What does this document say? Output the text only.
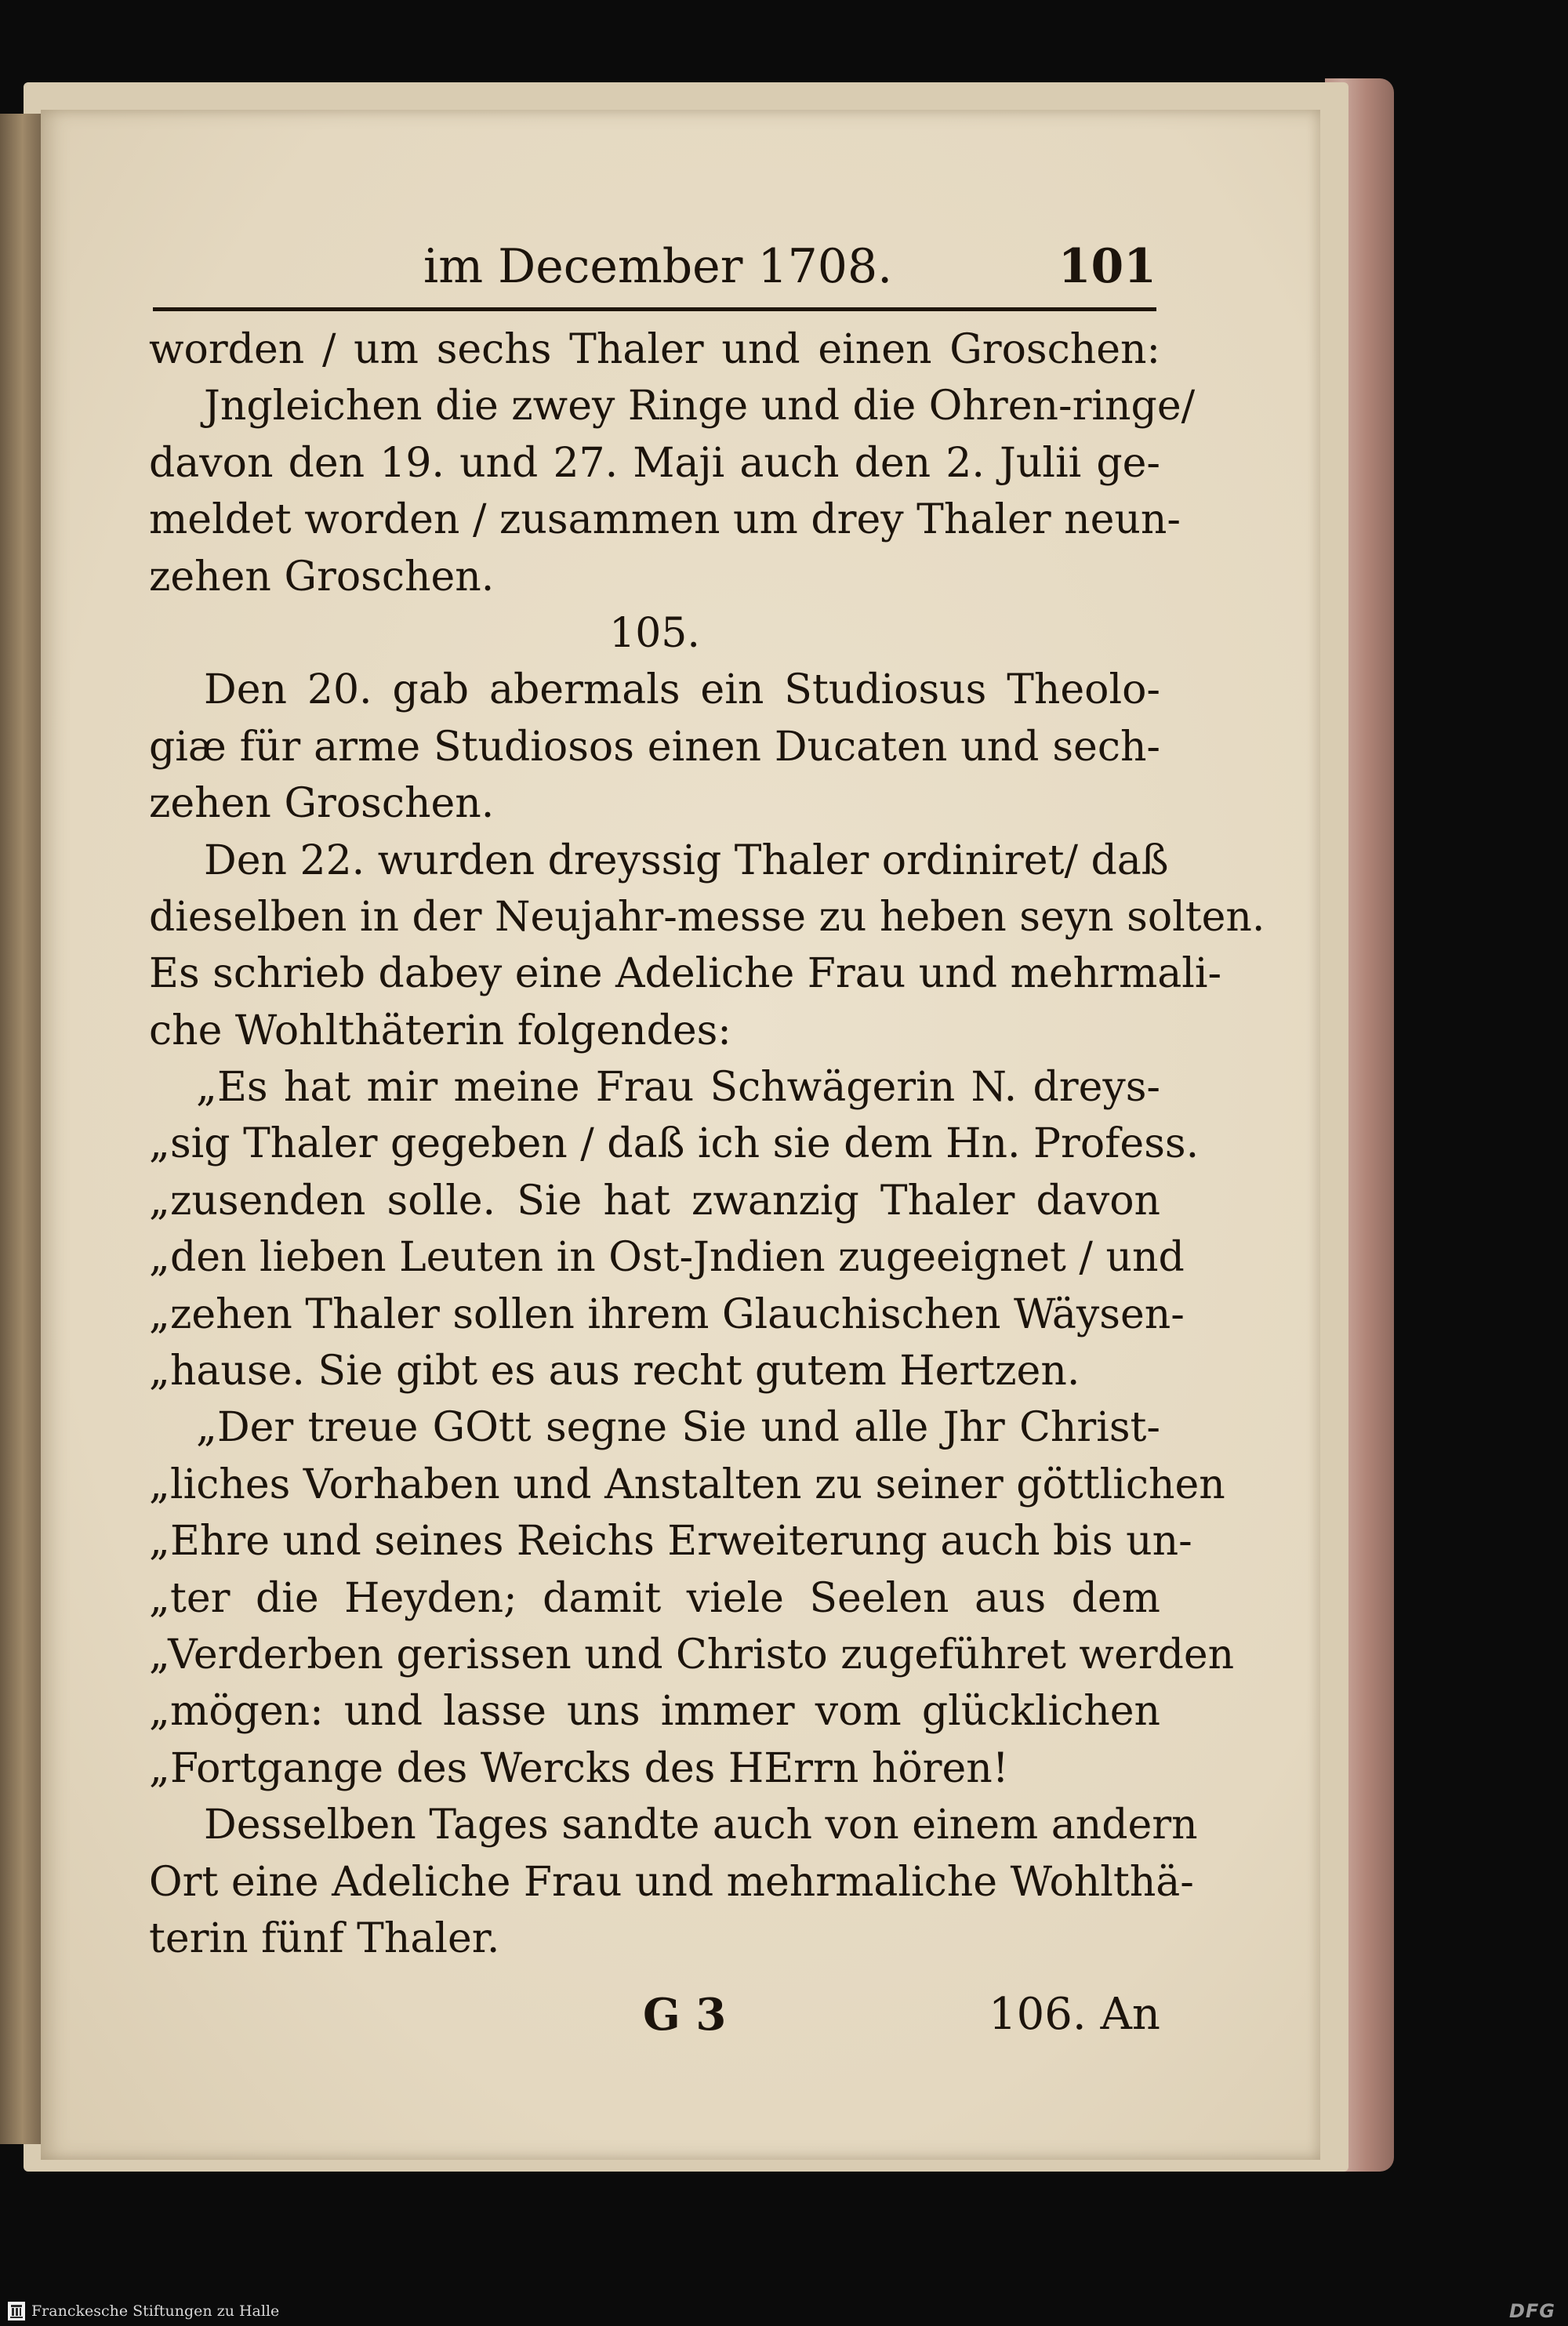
im December 1708.	101
worden / um sechs Thaler und einen Groschen:
Jngleichen die zwey Ringe und die Ohren-ringe/
davon den 19. und 27. Maji auch den 2. Julii ge-
meldet worden / zusammen um drey Thaler neun-
zehen Groschen.
105.
Den 20. gab abermals ein Studiosus Theolo-
giæ für arme Studiosos einen Ducaten und sech-
zehen Groschen.
Den 22. wurden dreyssig Thaler ordiniret/ daß
dieselben in der Neujahr-messe zu heben seyn solten.
Es schrieb dabey eine Adeliche Frau und mehrmali-
che Wohlthäterin folgendes:
„Es hat mir meine Frau Schwägerin N. dreys-
„sig Thaler gegeben / daß ich sie dem Hn. Profess.
„zusenden solle. Sie hat zwanzig Thaler davon
„den lieben Leuten in Ost-Jndien zugeeignet / und
„zehen Thaler sollen ihrem Glauchischen Wäysen-
„hause. Sie gibt es aus recht gutem Hertzen.
„Der treue GOtt segne Sie und alle Jhr Christ-
„liches Vorhaben und Anstalten zu seiner göttlichen
„Ehre und seines Reichs Erweiterung auch bis un-
„ter die Heyden; damit viele Seelen aus dem
„Verderben gerissen und Christo zugeführet werden
„mögen: und lasse uns immer vom glücklichen
„Fortgange des Wercks des HErrn hören!
Desselben Tages sandte auch von einem andern
Ort eine Adeliche Frau und mehrmaliche Wohlthä-
terin fünf Thaler.
G 3	106. An
Franckesche Stiftungen zu Halle	DFG
